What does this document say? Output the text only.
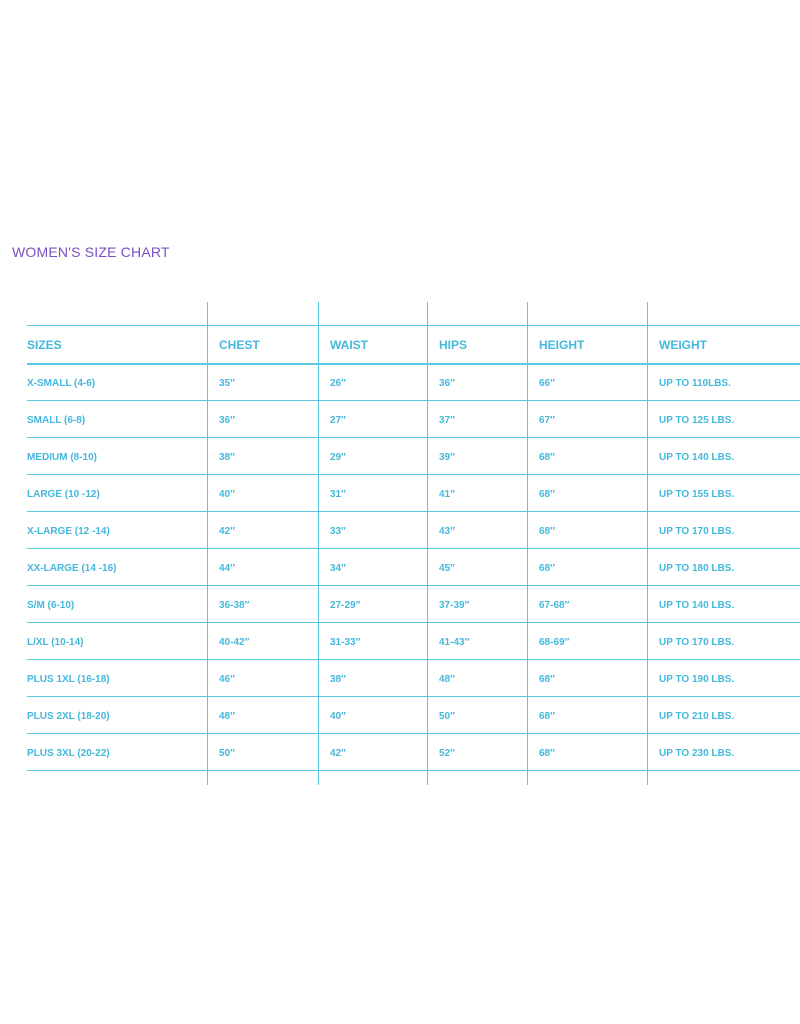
WOMEN'S SIZE CHART
SIZES	CHEST	WAIST	HIPS	HEIGHT	WEIGHT
X-SMALL (4-6)	35″	26″	36″	66″	UP TO 110LBS.
SMALL (6-8)	36″	27″	37″	67″	UP TO 125 LBS.
MEDIUM (8-10)	38″	29″	39″	68″	UP TO 140 LBS.
LARGE (10 -12)	40″	31″	41″	68″	UP TO 155 LBS.
X-LARGE (12 -14)	42″	33″	43″	68″	UP TO 170 LBS.
XX-LARGE (14 -16)	44″	34″	45″	68″	UP TO 180 LBS.
S/M (6-10)	36-38″	27-29″	37-39″	67-68″	UP TO 140 LBS.
L/XL (10-14)	40-42″	31-33″	41-43″	68-69″	UP TO 170 LBS.
PLUS 1XL (16-18)	46″	38″	48″	68″	UP TO 190 LBS.
PLUS 2XL (18-20)	48″	40″	50″	68″	UP TO 210 LBS.
PLUS 3XL (20-22)	50″	42″	52″	68″	UP TO 230 LBS.
